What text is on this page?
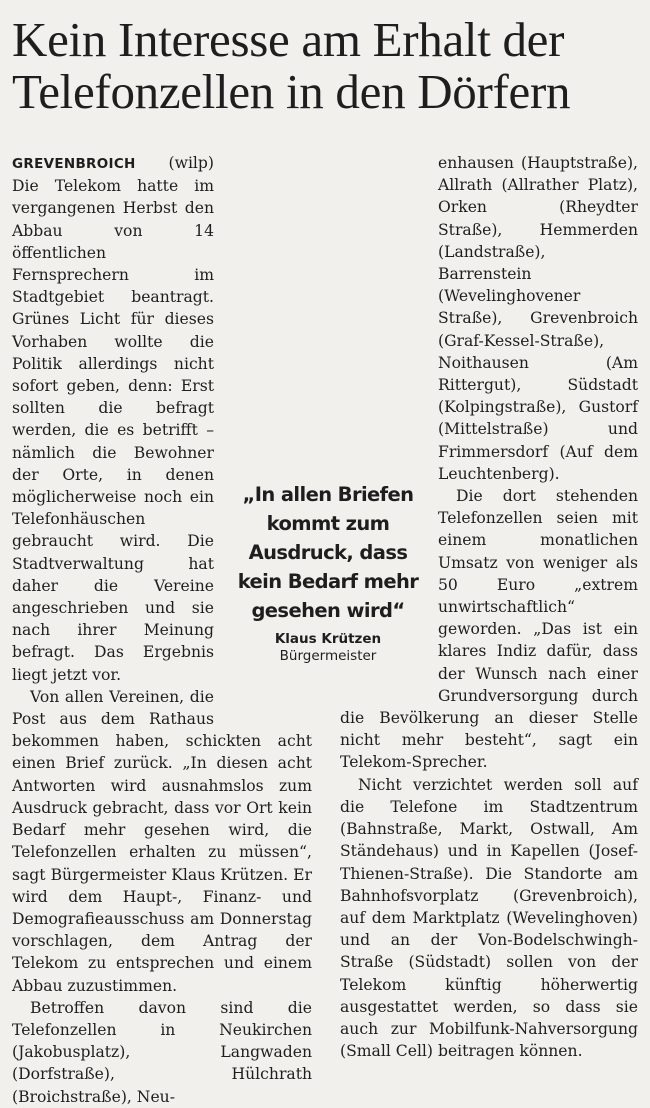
Kein Interesse am Erhalt der Telefonzellen in den Dörfern

GREVENBROICH (wilp) Die Telekom hatte im vergangenen Herbst den Abbau von 14 öffentlichen Fernsprechern im Stadtgebiet beantragt. Grünes Licht für dieses Vorhaben wollte die Politik allerdings nicht sofort geben, denn: Erst sollten die befragt werden, die es betrifft – nämlich die Bewohner der Orte, in denen möglicherweise noch ein Telefonhäuschen gebraucht wird. Die Stadtverwaltung hat daher die Vereine angeschrieben und sie nach ihrer Meinung befragt. Das Ergebnis liegt jetzt vor.

Von allen Vereinen, die Post aus dem Rathaus bekommen haben, schickten acht einen Brief zurück. „In diesen acht Antworten wird ausnahmslos zum Ausdruck gebracht, dass vor Ort kein Bedarf mehr gesehen wird, die Telefonzellen erhalten zu müssen“, sagt Bürgermeister Klaus Krützen. Er wird dem Haupt-, Finanz- und Demografieausschuss am Donnerstag vorschlagen, dem Antrag der Telekom zu entsprechen und einem Abbau zuzustimmen.

Betroffen davon sind die Telefonzellen in Neukirchen (Jakobusplatz), Langwaden (Dorfstraße), Hülchrath (Broichstraße), Neu-

enhausen (Hauptstraße), Allrath (Allrather Platz), Orken (Rheydter Straße), Hemmerden (Landstraße), Barrenstein (Wevelinghovener Straße), Grevenbroich (Graf-Kessel-Straße), Noithausen (Am Rittergut), Südstadt (Kolpingstraße), Gustorf (Mittelstraße) und Frimmersdorf (Auf dem Leuchtenberg).

Die dort stehenden Telefonzellen seien mit einem monatlichen Umsatz von weniger als 50 Euro „extrem unwirtschaftlich“ geworden. „Das ist ein klares Indiz dafür, dass der Wunsch nach einer Grundversorgung durch die Bevölkerung an dieser Stelle nicht mehr besteht“, sagt ein Telekom-Sprecher.

Nicht verzichtet werden soll auf die Telefone im Stadtzentrum (Bahnstraße, Markt, Ostwall, Am Ständehaus) und in Kapellen (Josef-Thienen-Straße). Die Standorte am Bahnhofsvorplatz (Grevenbroich), auf dem Marktplatz (Wevelinghoven) und an der Von-Bodelschwingh-Straße (Südstadt) sollen von der Telekom künftig höherwertig ausgestattet werden, so dass sie auch zur Mobilfunk-Nahversorgung (Small Cell) beitragen können.

„In allen Briefen kommt zum Ausdruck, dass kein Bedarf mehr gesehen wird“

Klaus Krützen
Bürgermeister
